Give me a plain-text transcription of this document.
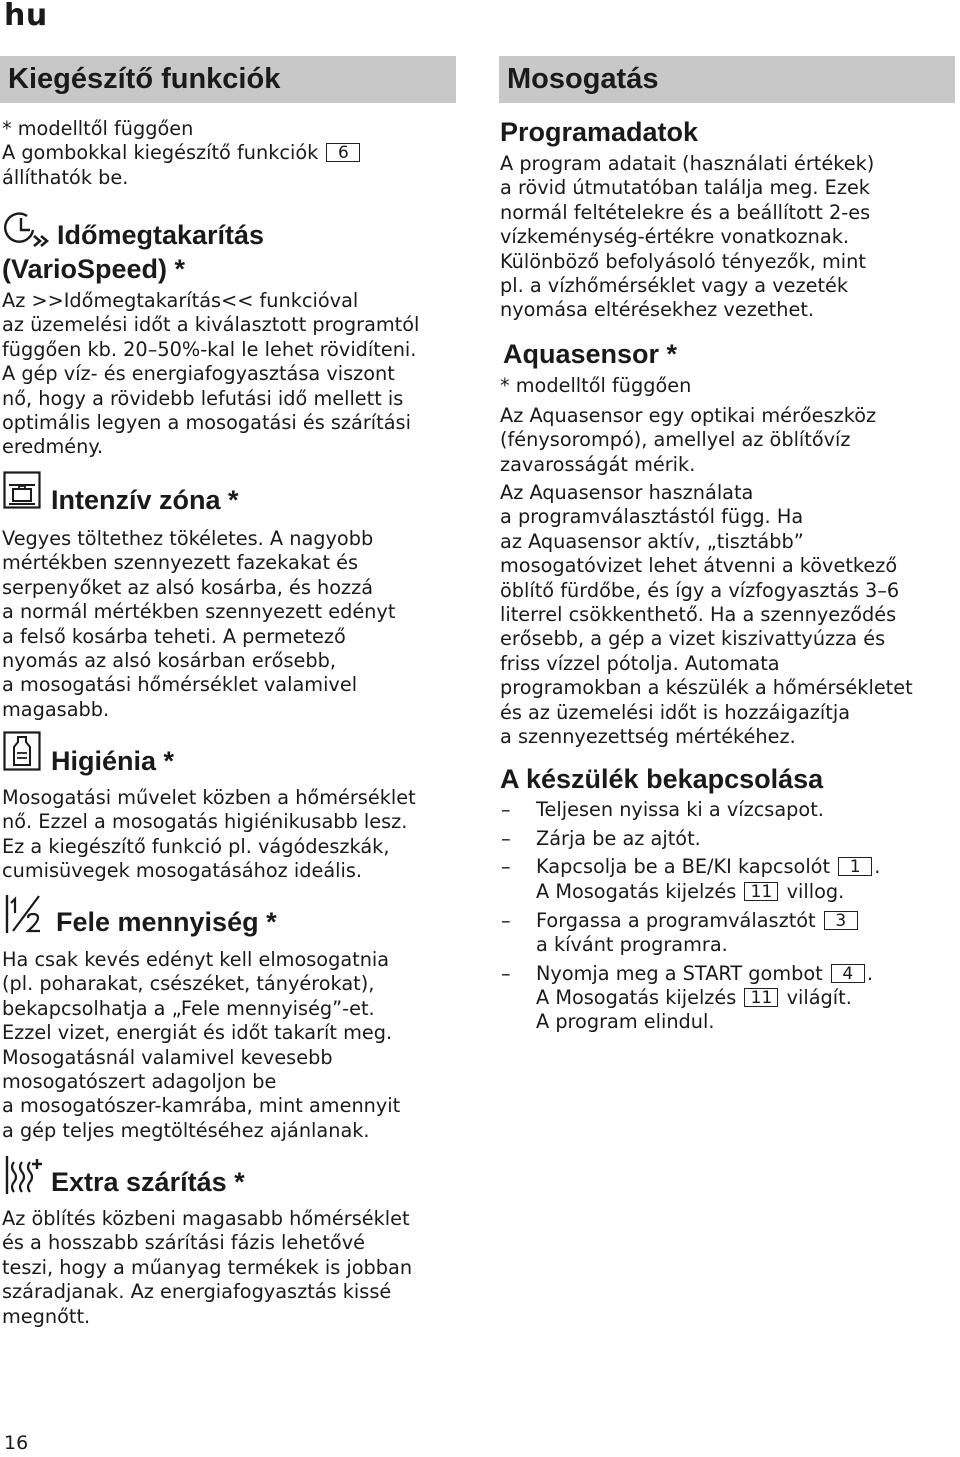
hu
Kiegészítő funkciók
* modelltől függően
A gombokkal kiegészítő funkciók 6
állíthatók be.
Időmegtakarítás
(VarioSpeed) *
Az >>Időmegtakarítás<< funkcióval
az üzemelési időt a kiválasztott programtól
függően kb. 20–50%-kal le lehet rövidíteni.
A gép víz- és energiafogyasztása viszont
nő, hogy a rövidebb lefutási idő mellett is
optimális legyen a mosogatási és szárítási
eredmény.
Intenzív zóna *
Vegyes töltethez tökéletes. A nagyobb
mértékben szennyezett fazekakat és
serpenyőket az alsó kosárba, és hozzá
a normál mértékben szennyezett edényt
a felső kosárba teheti. A permetező
nyomás az alsó kosárban erősebb,
a mosogatási hőmérséklet valamivel
magasabb.
Higiénia *
Mosogatási művelet közben a hőmérséklet
nő. Ezzel a mosogatás higiénikusabb lesz.
Ez a kiegészítő funkció pl. vágódeszkák,
cumisüvegek mosogatásához ideális.
Fele mennyiség *
Ha csak kevés edényt kell elmosogatnia
(pl. poharakat, csészéket, tányérokat),
bekapcsolhatja a „Fele mennyiség”-et.
Ezzel vizet, energiát és időt takarít meg.
Mosogatásnál valamivel kevesebb
mosogatószert adagoljon be
a mosogatószer-kamrába, mint amennyit
a gép teljes megtöltéséhez ajánlanak.
Extra szárítás *
Az öblítés közbeni magasabb hőmérséklet
és a hosszabb szárítási fázis lehetővé
teszi, hogy a műanyag termékek is jobban
száradjanak. Az energiafogyasztás kissé
megnőtt.
Mosogatás
Programadatok
A program adatait (használati értékek)
a rövid útmutatóban találja meg. Ezek
normál feltételekre és a beállított 2-es
vízkeménység-értékre vonatkoznak.
Különböző befolyásoló tényezők, mint
pl. a vízhőmérséklet vagy a vezeték
nyomása eltérésekhez vezethet.
Aquasensor *
* modelltől függően
Az Aquasensor egy optikai mérőeszköz
(fénysorompó), amellyel az öblítővíz
zavarosságát mérik.
Az Aquasensor használata
a programválasztástól függ. Ha
az Aquasensor aktív, „tisztább”
mosogatóvizet lehet átvenni a következő
öblítő fürdőbe, és így a vízfogyasztás 3–6
literrel csökkenthető. Ha a szennyeződés
erősebb, a gép a vizet kiszivattyúzza és
friss vízzel pótolja. Automata
programokban a készülék a hőmérsékletet
és az üzemelési időt is hozzáigazítja
a szennyezettség mértékéhez.
A készülék bekapcsolása
– Teljesen nyissa ki a vízcsapot.
– Zárja be az ajtót.
– Kapcsolja be a BE/KI kapcsolót 1 .
A Mosogatás kijelzés 11 villog.
– Forgassa a programválasztót 3
a kívánt programra.
– Nyomja meg a START gombot 4 .
A Mosogatás kijelzés 11 világít.
A program elindul.
16
